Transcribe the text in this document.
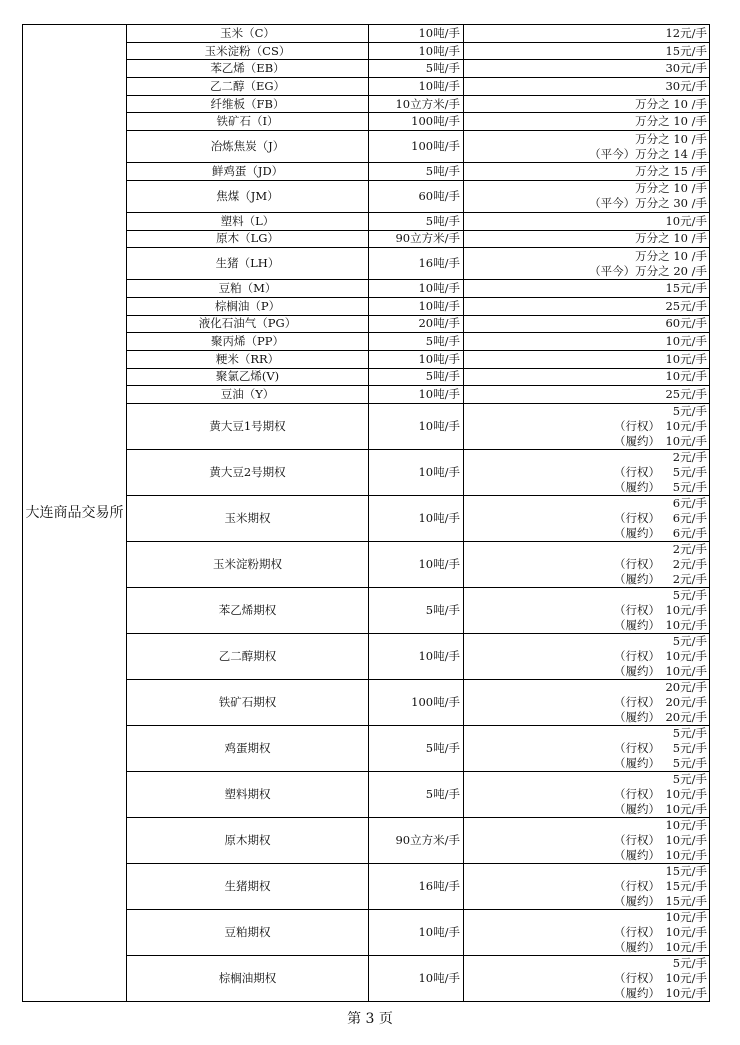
大连商品交易所	玉米（C）	10吨/手	12元/手

	玉米淀粉（CS）	10吨/手	15元/手

	苯乙烯（EB）	5吨/手	30元/手

	乙二醇（EG）	10吨/手	30元/手

	纤维板（FB）	10立方米/手	万分之 10 /手

	铁矿石（I）	100吨/手	万分之 10 /手

	冶炼焦炭（J）	100吨/手	万分之 10 /手
（平今） 万分之 14 /手

	鲜鸡蛋（JD）	5吨/手	万分之 15 /手

	焦煤（JM）	60吨/手	万分之 10 /手
（平今） 万分之 30 /手

	塑料（L）	5吨/手	10元/手

	原木（LG）	90立方米/手	万分之 10 /手

	生猪（LH）	16吨/手	万分之 10 /手
（平今） 万分之 20 /手

	豆粕（M）	10吨/手	15元/手

	棕榈油（P）	10吨/手	25元/手

	液化石油气（PG）	20吨/手	60元/手

	聚丙烯（PP）	5吨/手	10元/手

	粳米（RR）	10吨/手	10元/手

	聚氯乙烯(V)	5吨/手	10元/手

	豆油（Y）	10吨/手	25元/手

	黄大豆1号期权	10吨/手	5元/手
（行权） 10元/手
（履约） 10元/手

	黄大豆2号期权	10吨/手	2元/手
（行权） 5元/手
（履约） 5元/手

	玉米期权	10吨/手	6元/手
（行权） 6元/手
（履约） 6元/手

	玉米淀粉期权	10吨/手	2元/手
（行权） 2元/手
（履约） 2元/手

	苯乙烯期权	5吨/手	5元/手
（行权） 10元/手
（履约） 10元/手

	乙二醇期权	10吨/手	5元/手
（行权） 10元/手
（履约） 10元/手

	铁矿石期权	100吨/手	20元/手
（行权） 20元/手
（履约） 20元/手

	鸡蛋期权	5吨/手	5元/手
（行权） 5元/手
（履约） 5元/手

	塑料期权	5吨/手	5元/手
（行权） 10元/手
（履约） 10元/手

	原木期权	90立方米/手	10元/手
（行权） 10元/手
（履约） 10元/手

	生猪期权	16吨/手	15元/手
（行权） 15元/手
（履约） 15元/手

	豆粕期权	10吨/手	10元/手
（行权） 10元/手
（履约） 10元/手

	棕榈油期权	10吨/手	5元/手
（行权） 10元/手
（履约） 10元/手
第 3 页
